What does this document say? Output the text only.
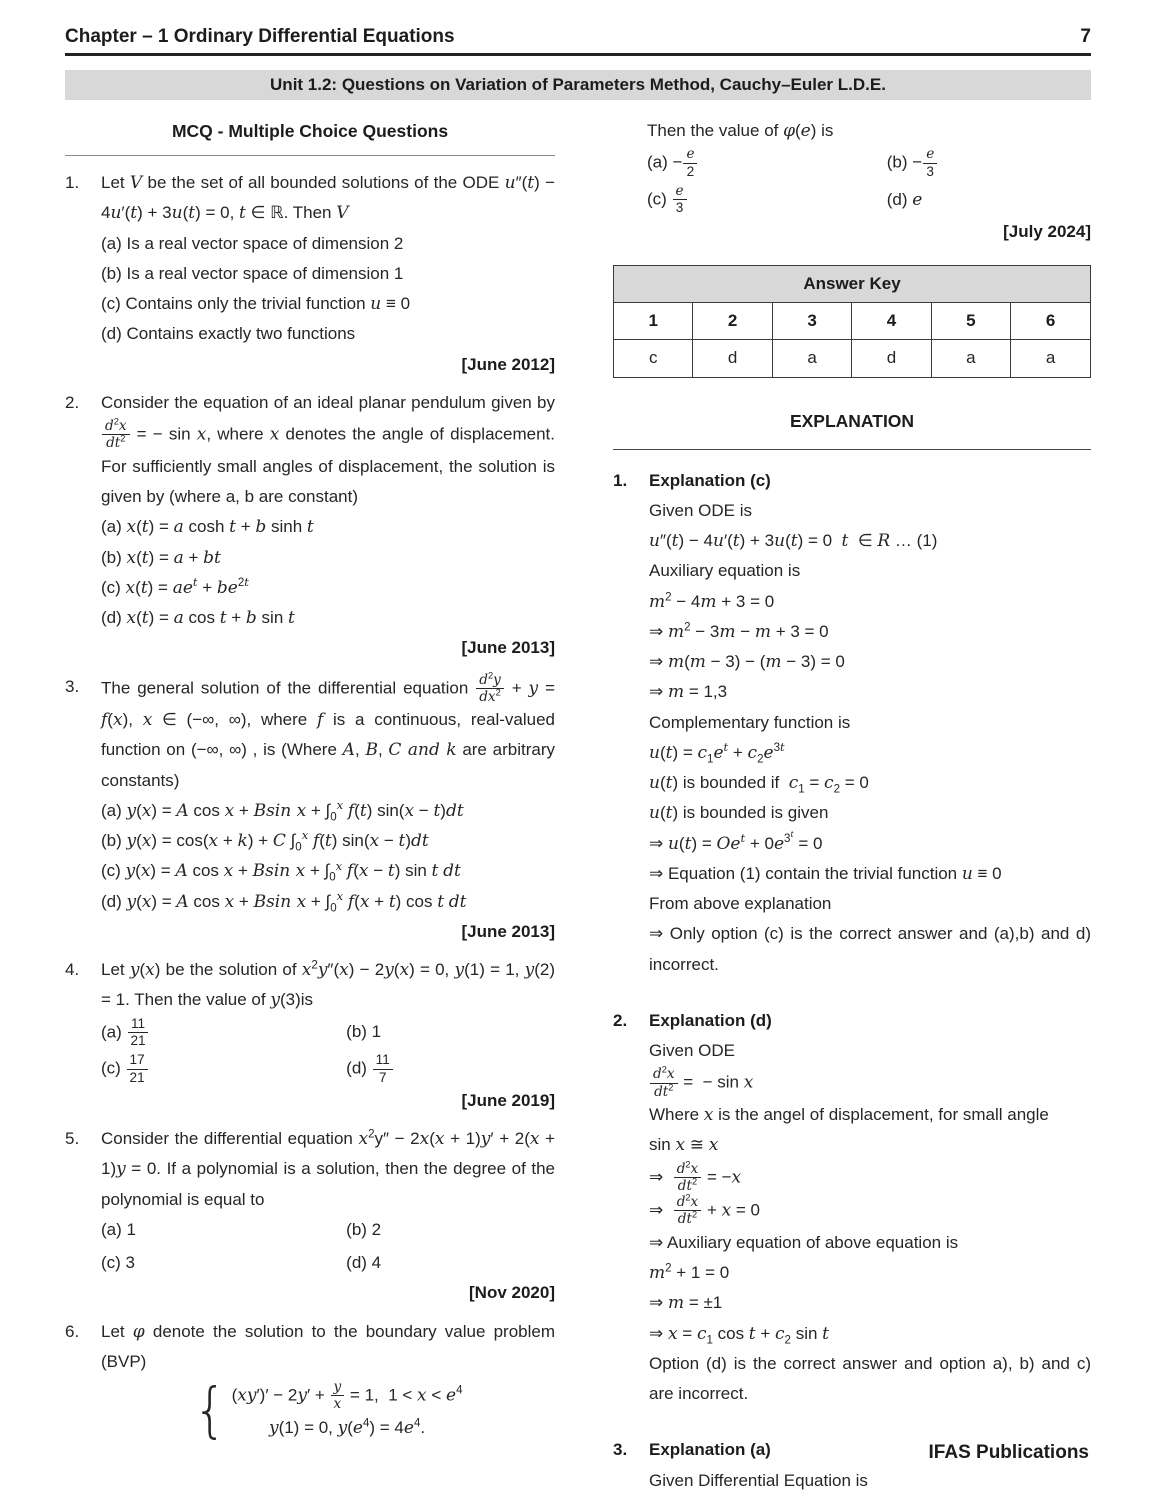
Chapter – 1 Ordinary Differential Equations	7
Unit 1.2: Questions on Variation of Parameters Method, Cauchy–Euler L.D.E.
MCQ - Multiple Choice Questions
1.	Let V be the set of all bounded solutions of the ODE u″(t) − 4u′(t) + 3u(t) = 0, t ∈ ℝ. Then V
(a) Is a real vector space of dimension 2
(b) Is a real vector space of dimension 1
(c) Contains only the trivial function u ≡ 0
(d) Contains exactly two functions
[June 2012]
2.	Consider the equation of an ideal planar pendulum given by
$\frac{d^2x}{dt^2}$ = − sin x, where x denotes the angle of displacement. For sufficiently small angles of displacement, the solution is given by (where a, b are constant)
(a) x(t) = a cosh t + b sinh t
(b) x(t) = a + bt
(c) $x(t) = ae^t + be^{2t}$
(d) x(t) = a cos t + b sin t
[June 2013]
3.	The general solution of the differential equation $\frac{d^2y}{dx^2} + y = f(x)$, x ∈ (−∞, ∞), where f is a continuous, real-valued function on (−∞, ∞) , is (Where A, B, C and k are arbitrary constants)
(a) y(x) = A cos x + Bsin $x + \int_0^x$ f(t) sin(x − t)dt
(b) y(x) = cos(x + k) + C $\int_0^x$ f(t) sin(x − t)dt
(c) y(x) = A cos x + Bsin $x + \int_0^x$ f(x − t) sin t dt
(d) y(x) = A cos x + Bsin $x + \int_0^x$ f(x + t) cos t dt
[June 2013]
4.	Let y(x) be the solution of $x^2y''(x) - 2y(x) = 0$, y(1) = 1, y(2) = 1. Then the value of y(3)is
$(a) \frac{11}{21}$	(b) 1
$(c) \frac{17}{21}$	$(d) \frac{11}{7}$
[June 2019]
5.	Consider the differential equation $x^2y'' - 2x(x + 1)y' + 2(x + 1)y = 0$. If a polynomial is a solution, then the degree of the polynomial is equal to
(a) 1	(b) 2
(c) 3	(d) 4
[Nov 2020]
6.	Let φ denote the solution to the boundary value problem (BVP)
{ $(xy')' - 2y' + \frac{y}{x} = 1$,  $1 < x < e^4$
y(1) = 0, $y(e^4) = 4e^4$.
Then the value of φ(e) is
$(a) - \frac{e}{2}$	$(b) - \frac{e}{3}$
$(c) \frac{e}{3}$	(d) e
[July 2024]
Answer Key					
1	2	3	4	5	6
c	d	a	d	a	a
EXPLANATION
1.	Explanation (c)
Given ODE is
u″(t) − 4u′(t) + 3u(t) = 0  t  ∈ R … (1)
Auxiliary equation is
$m^2 - 4m + 3 = 0$
⇒ $m^2 - 3m - m + 3 = 0$
⇒ m(m − 3) − (m − 3) = 0
⇒ m = 1,3
Complementary function is
$u(t) = c_1e^t + c_2e^{3t}$
u(t) is bounded if  $c_1 = c_2 = 0$
u(t) is bounded is given
⇒ $u(t) = Oe^t + 0e^{3^t} = 0$
⇒ Equation (1) contain the trivial function u ≡ 0
From above explanation
⇒ Only option (c) is the correct answer and (a),b) and d) incorrect.
2.	Explanation (d)
Given ODE
$\frac{d^2x}{dt^2}$ =  − sin x
Where x is the angel of displacement, for small angle
sin x ≅ x
⇒ $\frac{d^2x}{dt^2} = -x$
⇒ $\frac{d^2x}{dt^2} + x = 0$
⇒ Auxiliary equation of above equation is
$m^2 + 1 = 0$
⇒ m = ±1
⇒ $x = c_1$ $\cos t + c_2$ sin t
Option (d) is the correct answer and option a), b) and c) are incorrect.
3.	Explanation (a)
Given Differential Equation is
IFAS Publications
